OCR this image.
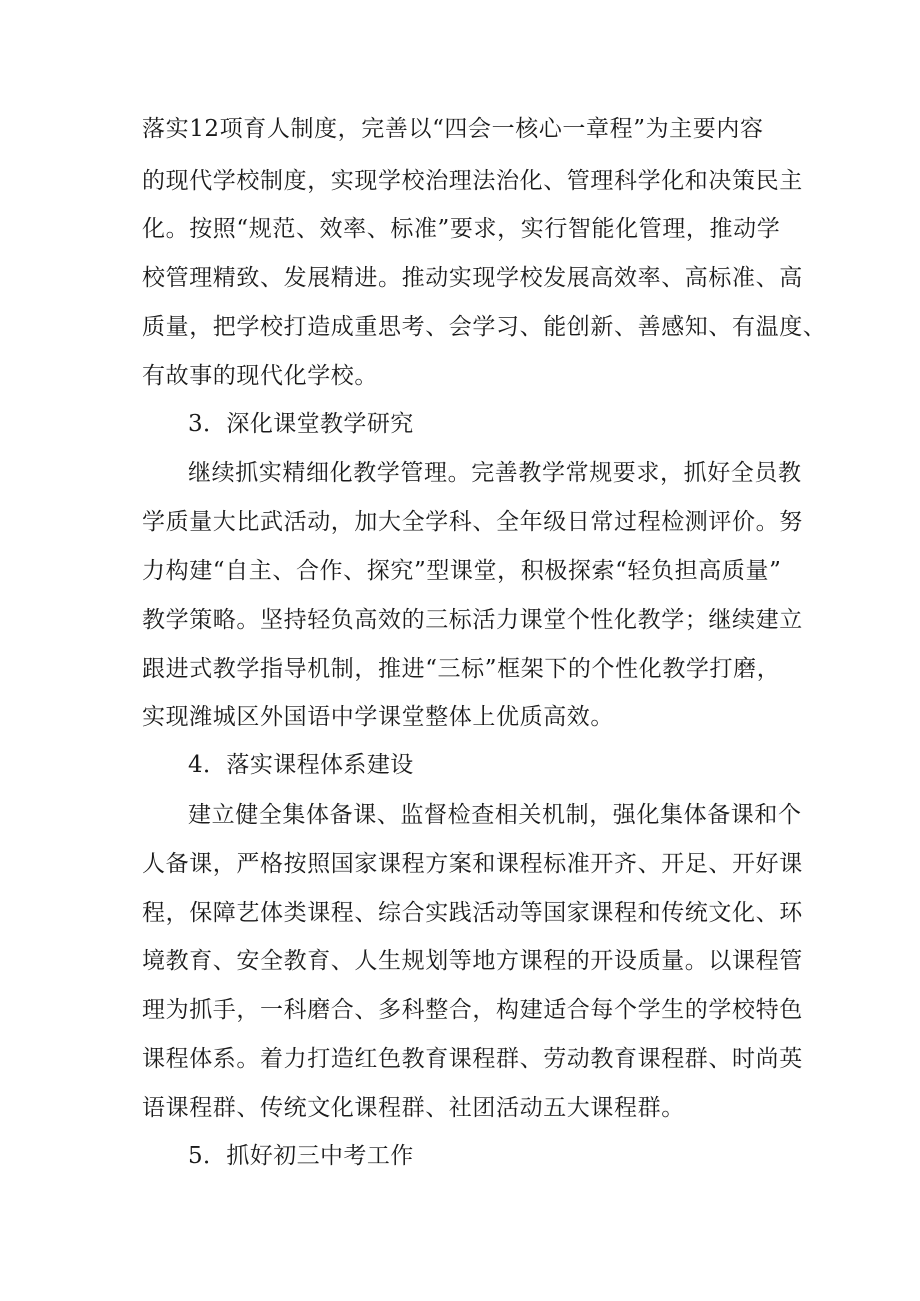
落实12项育人制度，完善以“四会一核心一章程”为主要内容
的现代学校制度，实现学校治理法治化、管理科学化和决策民主
化。按照“规范、效率、标准”要求，实行智能化管理，推动学
校管理精致、发展精进。推动实现学校发展高效率、高标准、高
质量，把学校打造成重思考、会学习、能创新、善感知、有温度、
有故事的现代化学校。
3．深化课堂教学研究
继续抓实精细化教学管理。完善教学常规要求，抓好全员教
学质量大比武活动，加大全学科、全年级日常过程检测评价。努
力构建“自主、合作、探究”型课堂，积极探索“轻负担高质量”
教学策略。坚持轻负高效的三标活力课堂个性化教学；继续建立
跟进式教学指导机制，推进“三标”框架下的个性化教学打磨，
实现潍城区外国语中学课堂整体上优质高效。
4．落实课程体系建设
建立健全集体备课、监督检查相关机制，强化集体备课和个
人备课，严格按照国家课程方案和课程标准开齐、开足、开好课
程，保障艺体类课程、综合实践活动等国家课程和传统文化、环
境教育、安全教育、人生规划等地方课程的开设质量。以课程管
理为抓手，一科磨合、多科整合，构建适合每个学生的学校特色
课程体系。着力打造红色教育课程群、劳动教育课程群、时尚英
语课程群、传统文化课程群、社团活动五大课程群。
5．抓好初三中考工作
